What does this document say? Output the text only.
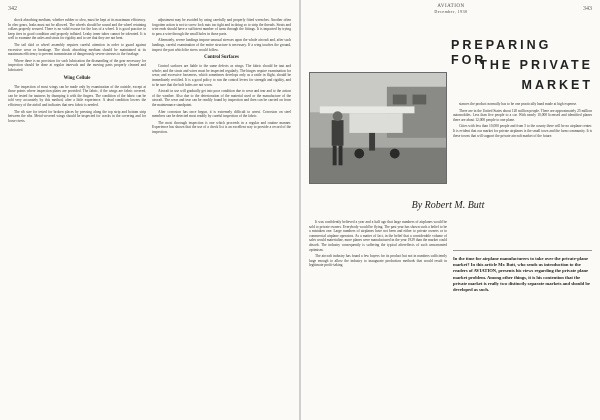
342

shock absorbing medium, whether rubber or oleo, must be kept at its maximum efficiency. In oleo gears, leaks must not be allowed. The wheels should be sound and the wheel retaining collars properly secured. There is no valid excuse for the loss of a wheel. It is good practice to keep tires in good condition and properly inflated. Leaky inner tubes cannot be tolerated. It is well to examine the axles and struts for rigidity and to see that they are not bent.

The tail skid or wheel assembly requires careful attention in order to guard against excessive wear or breakage. The shock absorbing medium should be maintained at its maximum efficiency to prevent transmission of dangerously severe stresses to the fuselage.

Where there is no provision for such lubrication the dismantling of the gear necessary for inspection should be done at regular intervals and the moving parts properly cleaned and lubricated.

Wing Cellule

The inspection of most wings can be made only by examination of the outside, except at those points where inspection plates are provided. The fabric, if the wings are fabric covered, can be tested for tautness by thumping it with the fingers. The condition of the fabric can be told very accurately by this method, after a little experience. A dead condition lowers the efficiency of the airfoil and indicates that new fabric is needed.

The rib size for tested for broken places by pressing along the top strip and bottom strip between the ribs. Metal-covered wings should be inspected for cracks in the covering and for loose rivets.

adjustment may be avoided by using carefully and properly fitted wrenches. Another often forgotten action is not to screw lock nuts too tight and in doing so to strip the threads. Struts and wire ends should have a sufficient number of turns through the fittings. It is impacted by trying to pass a wire through the small holes in those parts.

Alternately, severe landings impose unusual stresses upon the whole aircraft and, after such landings, careful examination of the entire structure is necessary. If a wing touches the ground, inspect the part which the stress would follow.

Control Surfaces

Control surfaces are liable to the same defects as wings. The fabric should be taut and whole; and the struts and wires must be inspected regularly. The hinges require examination for wear; and excessive looseness, which sometimes develops only as a rattle in flight, should be immediately rectified. It is a good policy to run the control levers for strength and rigidity, and to be sure that the bolt holes are not worn.

Aircraft in use will gradually get into poor condition due to wear and tear and to the action of the weather. Also due to the deterioration of the material used or the manufacture of the aircraft. The wear and tear can be readily found by inspection and then can be carried on from the maintenance standpoint.

After corrosion has once begun, it is extremely difficult to arrest. Corrosion on steel members can be detected most readily by careful inspection of the fabric.

The most thorough inspection is one which proceeds in a regular and routine manner. Experience has shown that the use of a check list is an excellent way to provide a record of the inspection.

AVIATION
December, 1930	343
PREPARING FOR
THE PRIVATE
MARKET
By Robert M. Butt

It was confidently believed a year and a half ago that large numbers of airplanes would be sold to private owners. Everybody would be flying. The past year has shown such a belief to be a mistaken one. Large numbers of airplanes have not been and either to private owners or to commercial airplane operators. As a matter of fact, in the belief that a considerable volume of sales would materialize, more planes were manufactured in the year 1929 than the market could absorb. The industry consequently is suffering the typical aftereffects of such unwarranted optimism.

The aircraft industry has found a few buyers for its product but not in numbers sufficiently large enough to allow the industry to inaugurate production methods that would result in legitimate profit-taking.

stances the product normally has to be one practically hand made at high expense.

There are in the United States about 120 million people. There are approximately 25 million automobiles. Less than five people to a car. With nearly 10,000 licensed and identified planes there are about 12,000 people to one plane.

Cities with less than 10,000 people and from 5 to the county there will be no airplane center. It is evident that our market for private airplanes is the small town and the farm community. It is these towns that will support the private aircraft market of the future.

In the time for airplane manufacturers to take over the private-plane market? In this article Mr. Butt, who sends us introduction to the readers of AVIATION, presents his views regarding the private plane market problem. Among other things, it is his contention that the private market is really two distinctly separate markets and should be developed as such.
